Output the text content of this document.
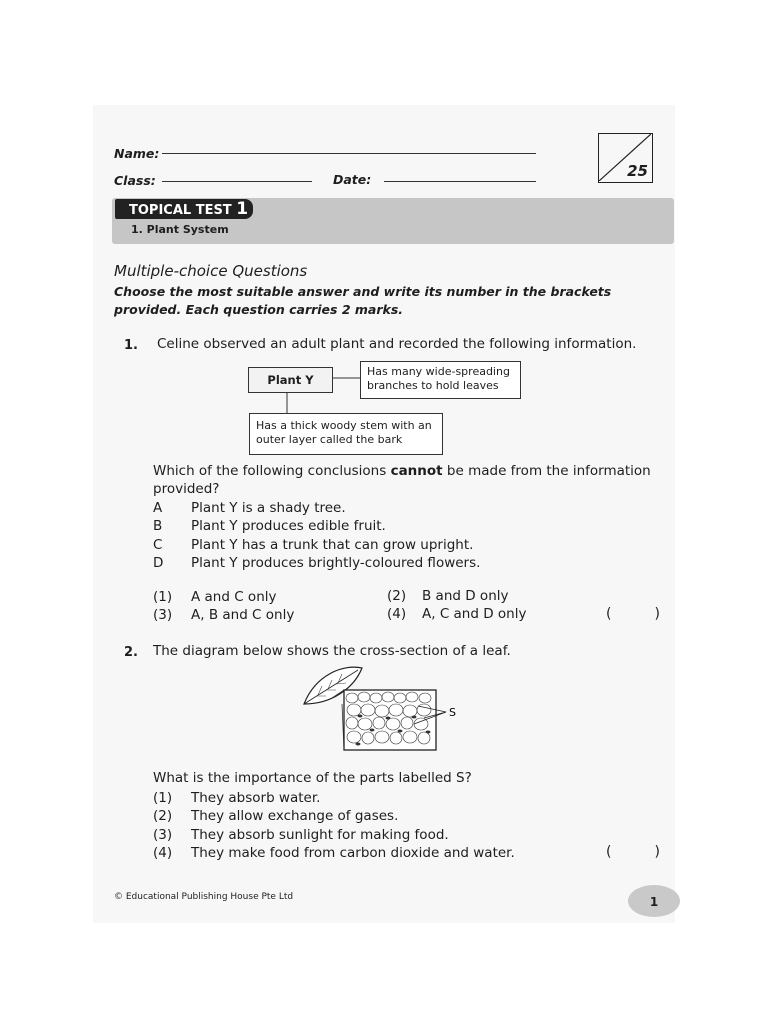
Name:
Class:	Date:	25
TOPICAL TEST 1
1. Plant System
Multiple-choice Questions
Choose the most suitable answer and write its number in the brackets
provided. Each question carries 2 marks.
1. Celine observed an adult plant and recorded the following information.
Plant Y
Has many wide-spreading
branches to hold leaves
Has a thick woody stem with an
outer layer called the bark
Which of the following conclusions cannot be made from the information
provided?
A Plant Y is a shady tree.
B Plant Y produces edible fruit.
C Plant Y has a trunk that can grow upright.
D Plant Y produces brightly-coloured flowers.
(1) A and C only	(2) B and D only
(3) A, B and C only	(4) A, C and D only	(	)
2. The diagram below shows the cross-section of a leaf.
S
What is the importance of the parts labelled S?
(1) They absorb water.
(2) They allow exchange of gases.
(3) They absorb sunlight for making food.
(4) They make food from carbon dioxide and water.	(	)
© Educational Publishing House Pte Ltd	1
